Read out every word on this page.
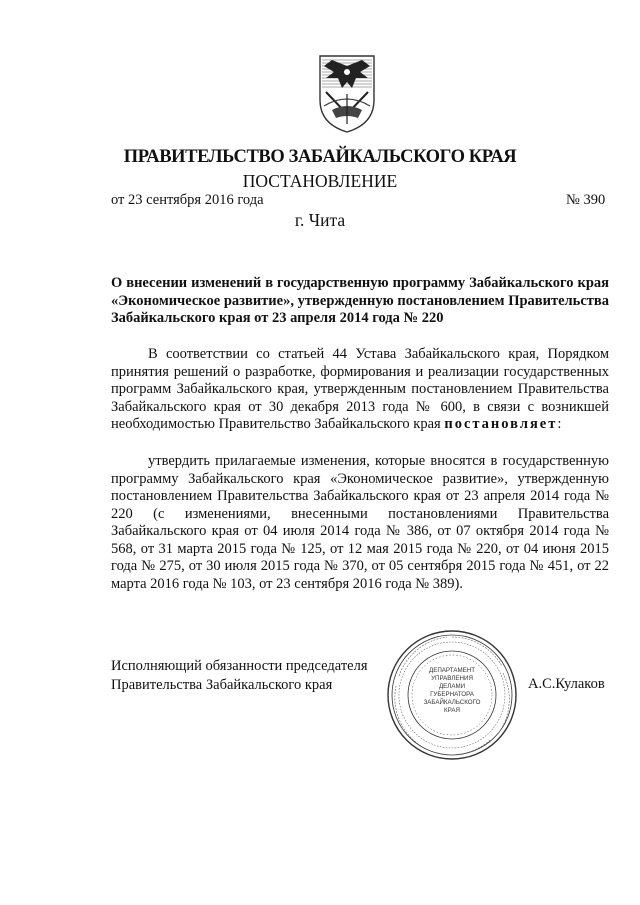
ПРАВИТЕЛЬСТВО ЗАБАЙКАЛЬСКОГО КРАЯ
ПОСТАНОВЛЕНИЕ
от 23 сентября 2016 года	№ 390
г. Чита
О внесении изменений в государственную программу Забайкальского края «Экономическое развитие», утвержденную постановлением Правительства Забайкальского края от 23 апреля 2014 года № 220
В соответствии со статьей 44 Устава Забайкальского края, Порядком принятия решений о разработке, формирования и реализации государственных программ Забайкальского края, утвержденным постановлением Правительства Забайкальского края от 30 декабря 2013 года № 600, в связи с возникшей необходимостью Правительство Забайкальского края постановляет:
утвердить прилагаемые изменения, которые вносятся в государственную программу Забайкальского края «Экономическое развитие», утвержденную постановлением Правительства Забайкальского края от 23 апреля 2014 года № 220 (с изменениями, внесенными постановлениями Правительства Забайкальского края от 04 июля 2014 года № 386, от 07 октября 2014 года № 568, от 31 марта 2015 года № 125, от 12 мая 2015 года № 220, от 04 июня 2015 года № 275, от 30 июля 2015 года № 370, от 05 сентября 2015 года № 451, от 22 марта 2016 года № 103, от 23 сентября 2016 года № 389).
Исполняющий обязанности председателя
Правительства Забайкальского края	А.С.Кулаков
ДЕПАРТАМЕНТ
УПРАВЛЕНИЯ
ДЕЛАМИ
ГУБЕРНАТОРА
ЗАБАЙКАЛЬСКОГО
КРАЯ
